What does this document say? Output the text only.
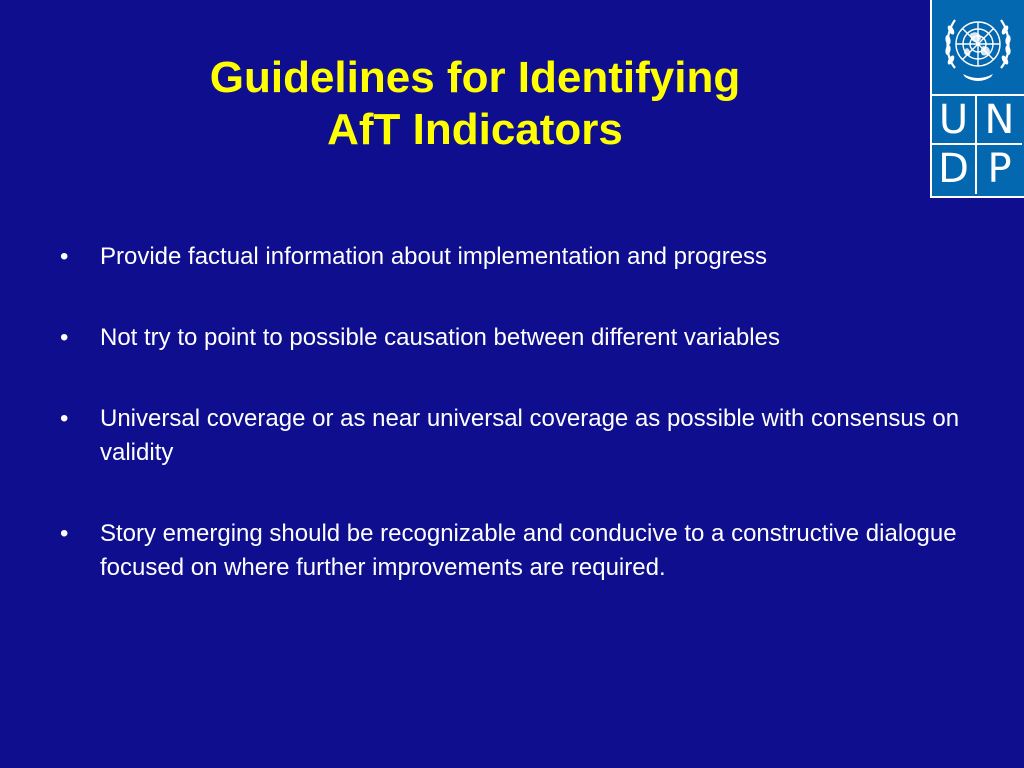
Guidelines for Identifying
AfT Indicators
•	Provide factual information about implementation and progress
•	Not try to point to possible causation between different variables
•	Universal coverage or as near universal coverage as possible with consensus on validity
•	Story emerging should be recognizable and conducive to a constructive dialogue focused on where further improvements are required.
U N
D P
